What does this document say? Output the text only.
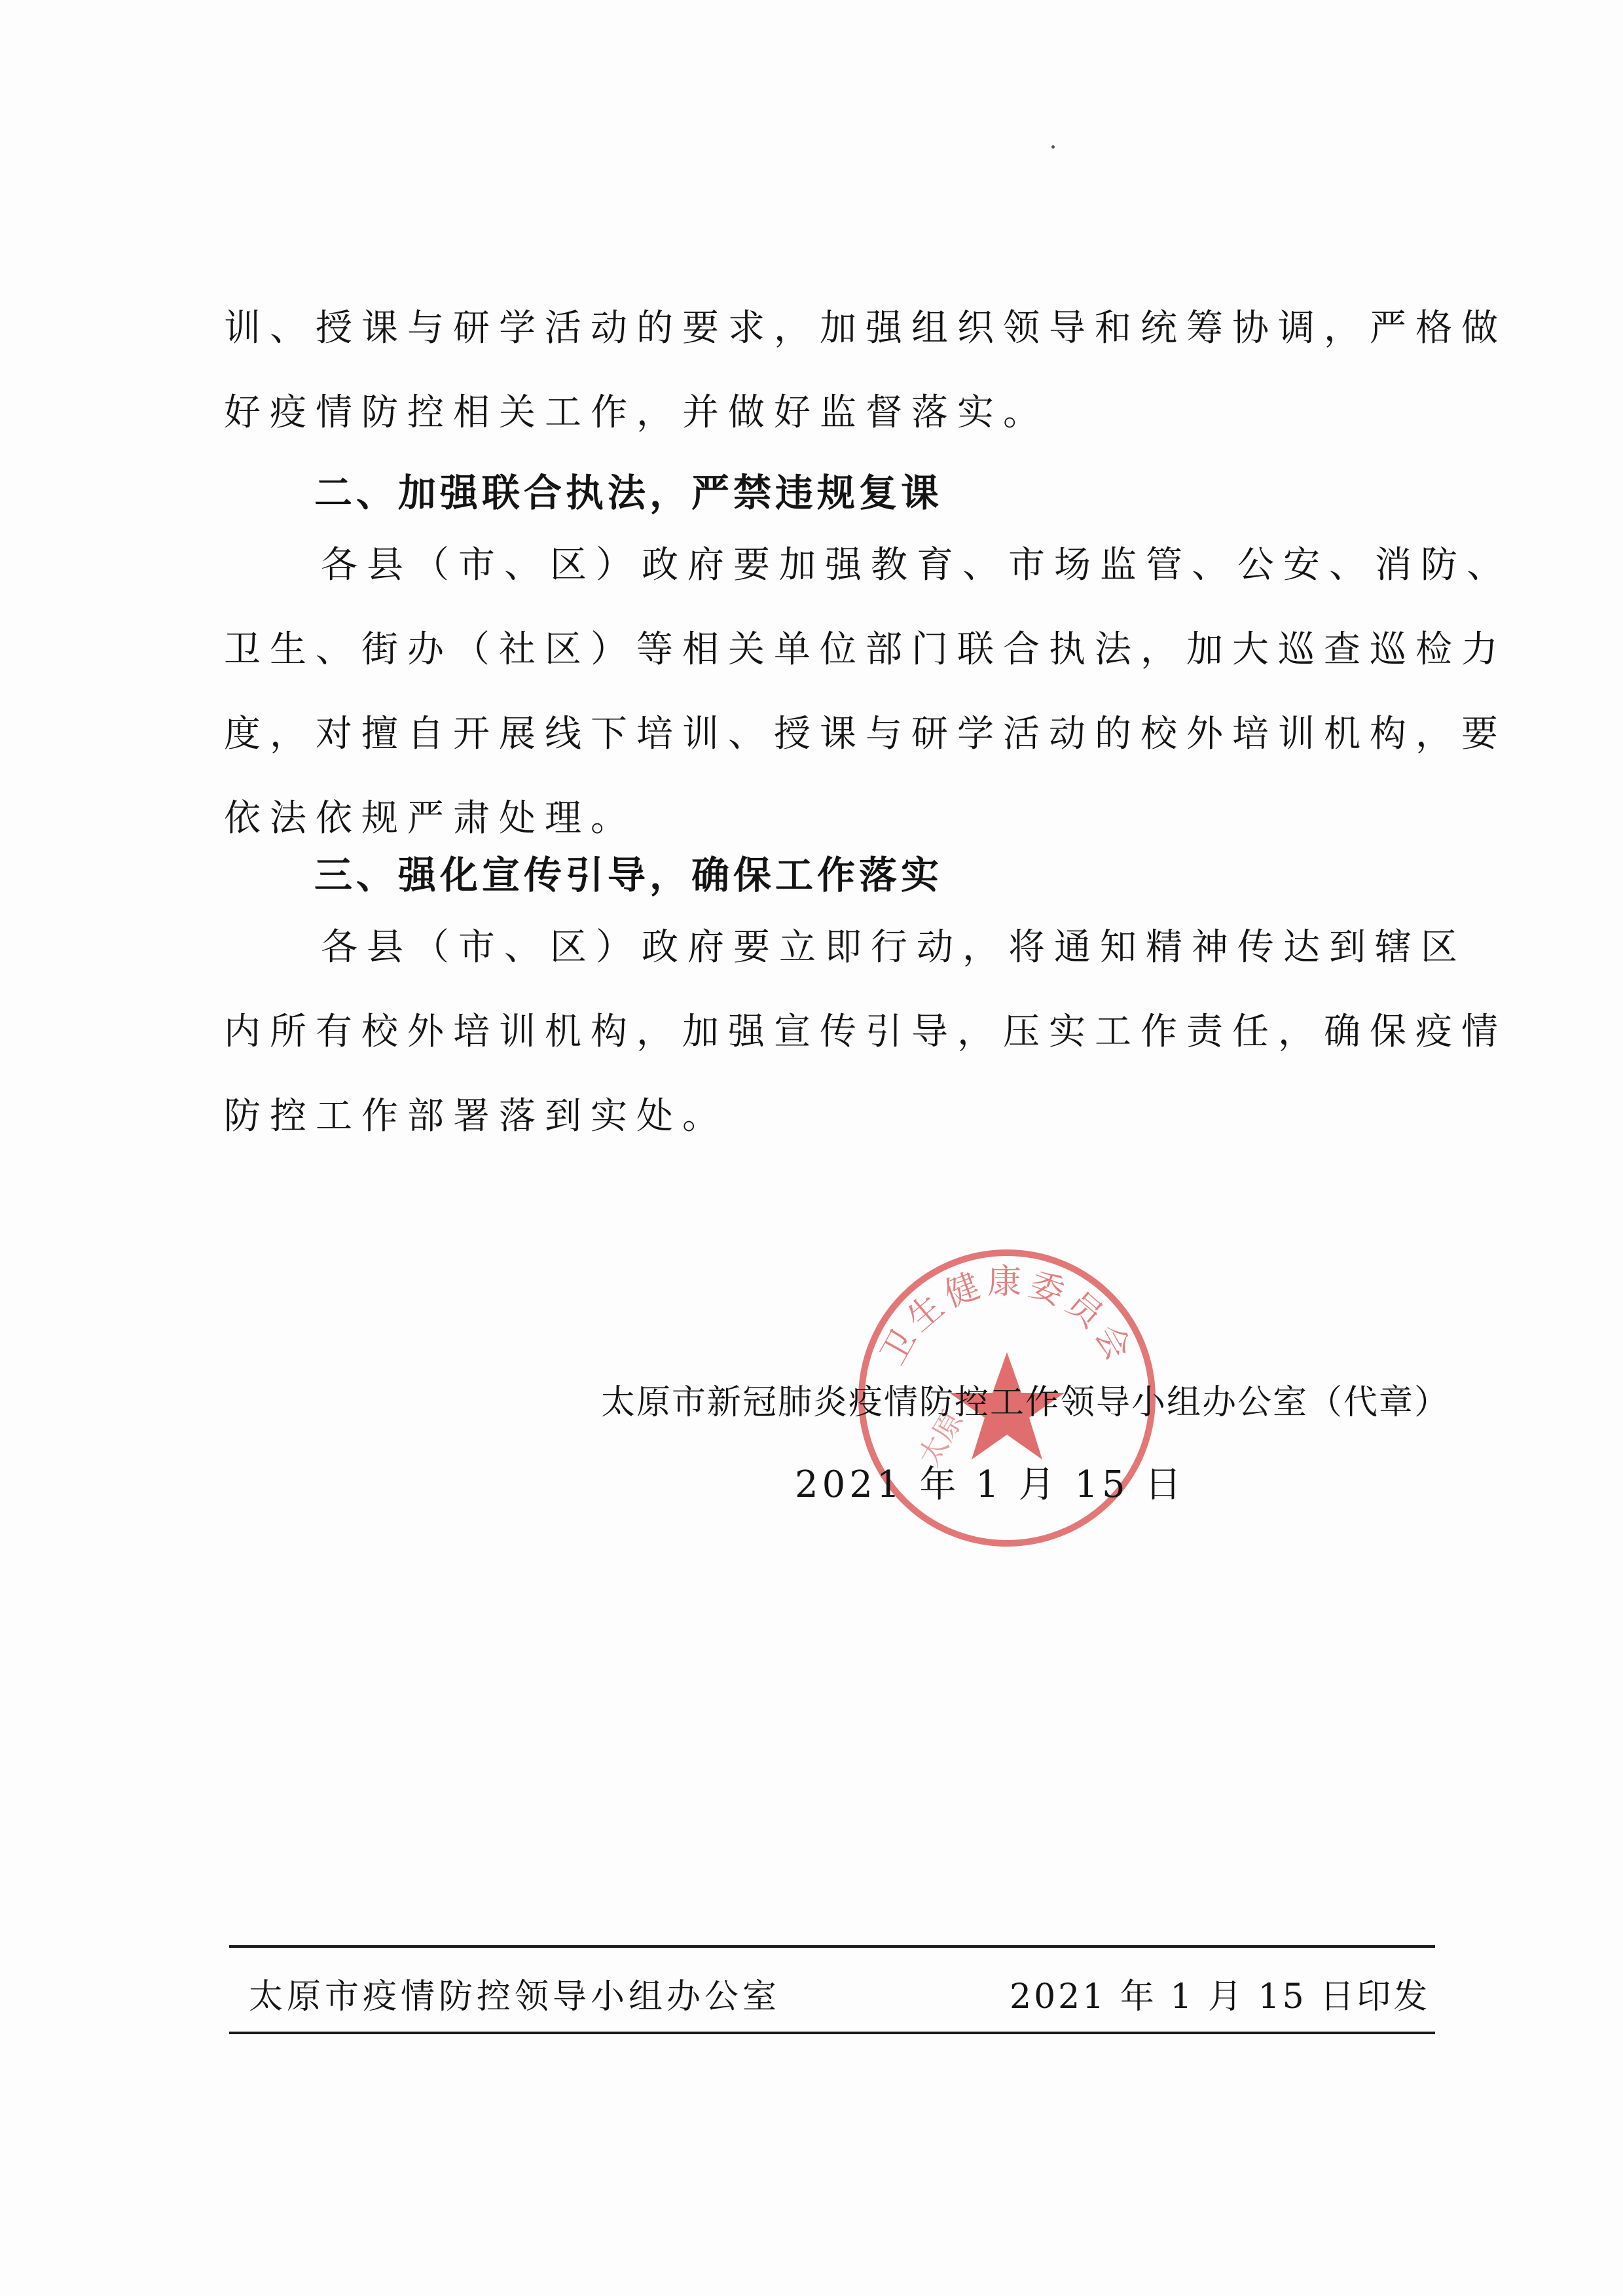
训、授课与研学活动的要求，加强组织领导和统筹协调，严格做
好疫情防控相关工作，并做好监督落实。
二、加强联合执法，严禁违规复课
各县（市、区）政府要加强教育、市场监管、公安、消防、
卫生、街办（社区）等相关单位部门联合执法，加大巡查巡检力
度，对擅自开展线下培训、授课与研学活动的校外培训机构，要
依法依规严肃处理。
三、强化宣传引导，确保工作落实
各县（市、区）政府要立即行动，将通知精神传达到辖区
内所有校外培训机构，加强宣传引导，压实工作责任，确保疫情
防控工作部署落到实处。
卫生健康委员会
太原
太原市新冠肺炎疫情防控工作领导小组办公室（代章）
2021 年 1 月 15 日
太原市疫情防控领导小组办公室	2021 年 1 月 15 日印发
